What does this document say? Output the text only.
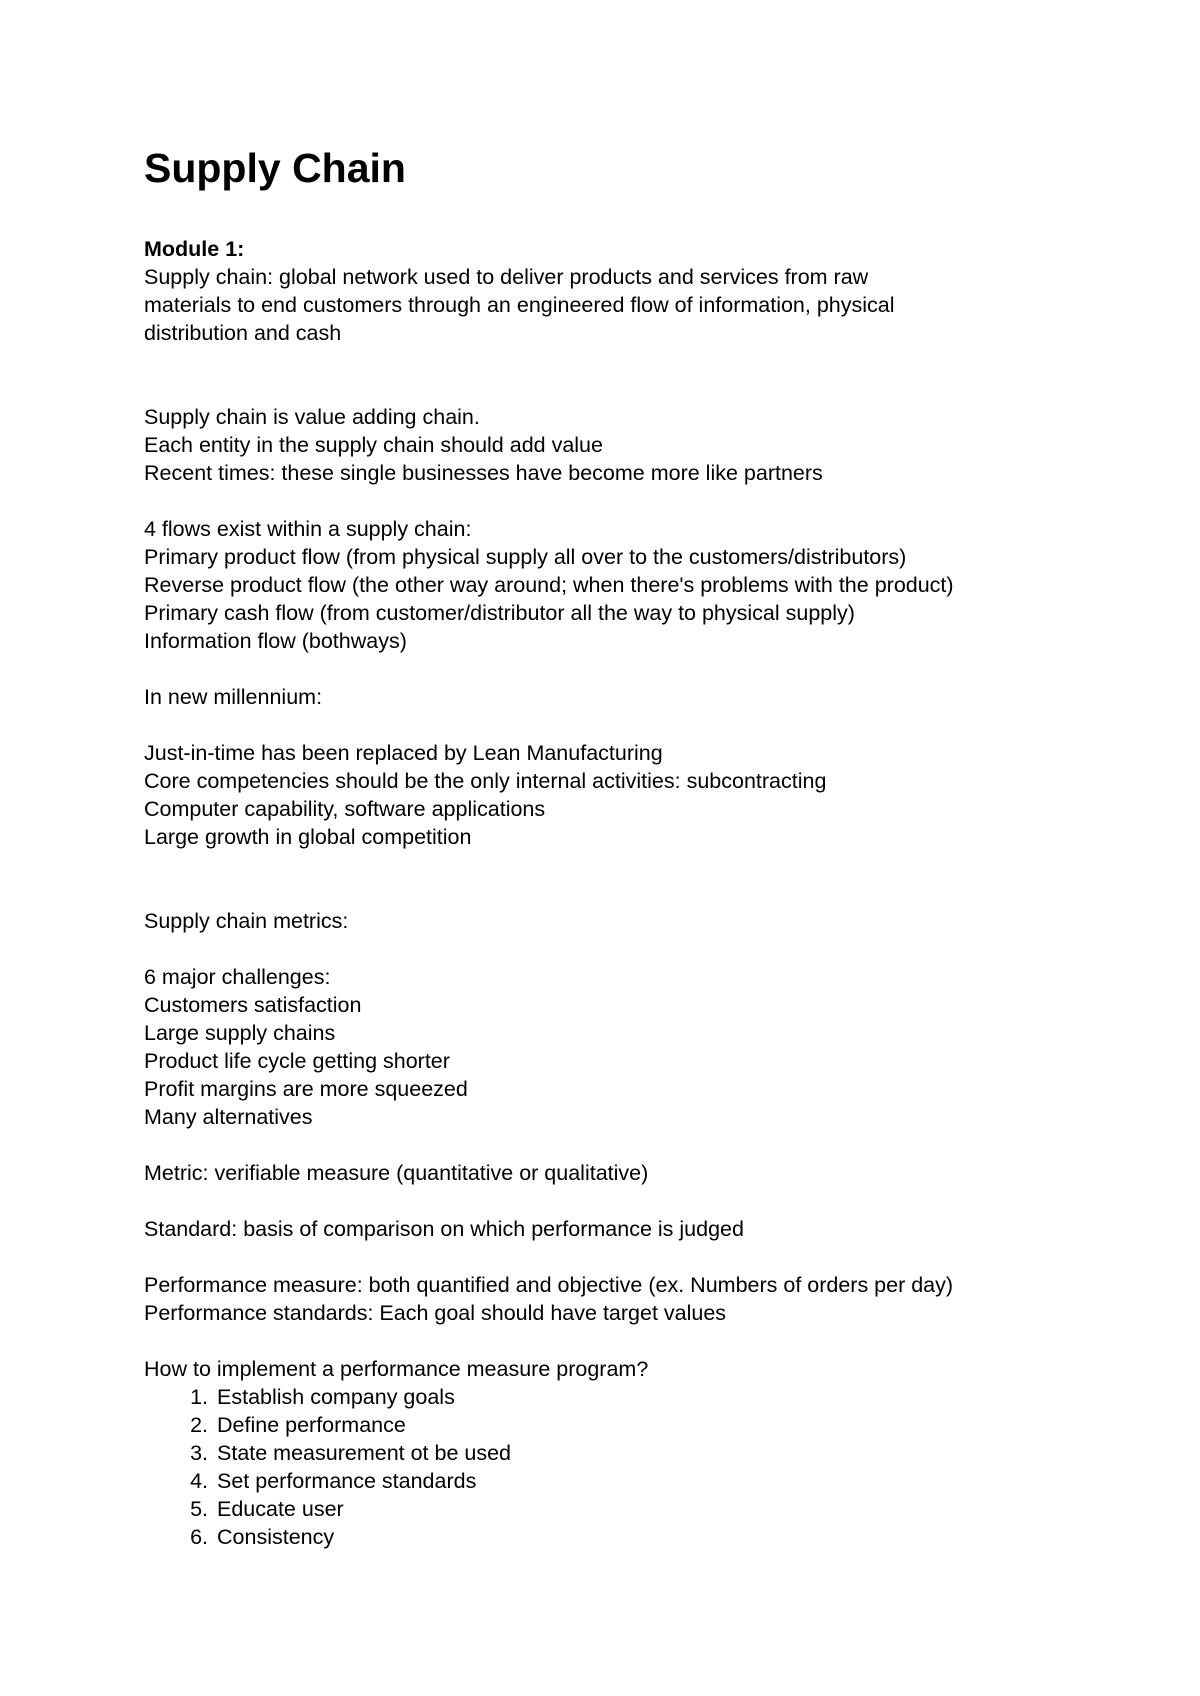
Supply Chain
Module 1:
Supply chain: global network used to deliver products and services from raw
materials to end customers through an engineered flow of information, physical
distribution and cash
Supply chain is value adding chain.
Each entity in the supply chain should add value
Recent times: these single businesses have become more like partners
4 flows exist within a supply chain:
Primary product flow (from physical supply all over to the customers/distributors)
Reverse product flow (the other way around; when there's problems with the product)
Primary cash flow (from customer/distributor all the way to physical supply)
Information flow (bothways)
In new millennium:
Just-in-time has been replaced by Lean Manufacturing
Core competencies should be the only internal activities: subcontracting
Computer capability, software applications
Large growth in global competition
Supply chain metrics:
6 major challenges:
Customers satisfaction
Large supply chains
Product life cycle getting shorter
Profit margins are more squeezed
Many alternatives
Metric: verifiable measure (quantitative or qualitative)
Standard: basis of comparison on which performance is judged
Performance measure: both quantified and objective (ex. Numbers of orders per day)
Performance standards: Each goal should have target values
How to implement a performance measure program?
1. Establish company goals
2. Define performance
3. State measurement ot be used
4. Set performance standards
5. Educate user
6. Consistency
